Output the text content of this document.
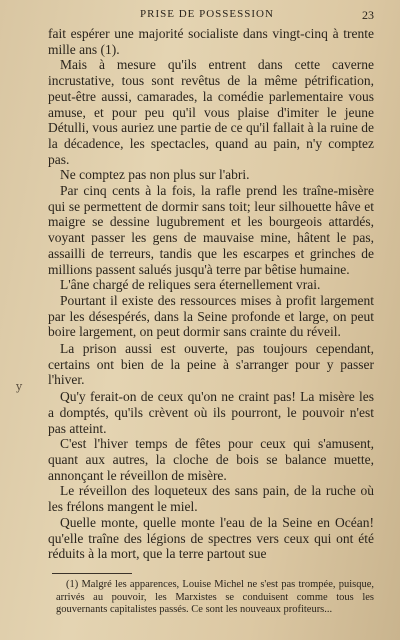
PRISE DE POSSESSION	23
y

fait espérer une majorité socialiste dans vingt-cinq à trente mille ans (1).

Mais à mesure qu'ils entrent dans cette caverne incrustative, tous sont revêtus de la même pétrification, peut-être aussi, camarades, la comédie parlementaire vous amuse, et pour peu qu'il vous plaise d'imiter le jeune Détulli, vous auriez une partie de ce qu'il fallait à la ruine de la décadence, les spectacles, quand au pain, n'y comptez pas.

Ne comptez pas non plus sur l'abri.

Par cinq cents à la fois, la rafle prend les traîne-misère qui se permettent de dormir sans toit; leur silhouette hâve et maigre se dessine lugubrement et les bourgeois attardés, voyant passer les gens de mauvaise mine, hâtent le pas, assailli de terreurs, tandis que les escarpes et grinches de millions passent salués jusqu'à terre par bêtise humaine.

L'âne chargé de reliques sera éternellement vrai.

Pourtant il existe des ressources mises à profit largement par les désespérés, dans la Seine profonde et large, on peut boire largement, on peut dormir sans crainte du réveil.

La prison aussi est ouverte, pas toujours cependant, certains ont bien de la peine à s'arranger pour y passer l'hiver.

Qu'y ferait-on de ceux qu'on ne craint pas! La misère les a domptés, qu'ils crèvent où ils pourront, le pouvoir n'est pas atteint.

C'est l'hiver temps de fêtes pour ceux qui s'amusent, quant aux autres, la cloche de bois se balance muette, annonçant le réveillon de misère.

Le réveillon des loqueteux des sans pain, de la ruche où les frélons mangent le miel.

Quelle monte, quelle monte l'eau de la Seine en Océan! qu'elle traîne des légions de spectres vers ceux qui ont été réduits à la mort, que la terre partout sue

(1) Malgré les apparences, Louise Michel ne s'est pas trompée, puisque, arrivés au pouvoir, les Marxistes se conduisent comme tous les gouvernants capitalistes passés. Ce sont les nouveaux profiteurs...
